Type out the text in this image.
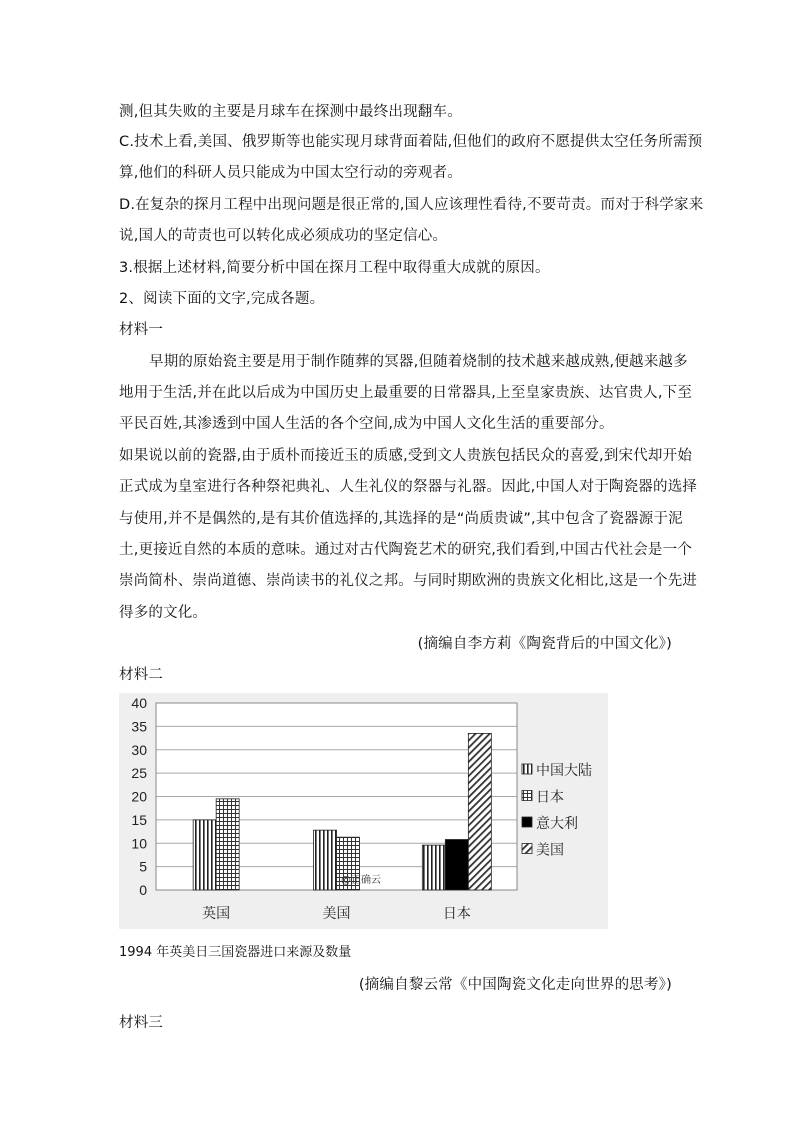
测,但其失败的主要是月球车在探测中最终出现翻车。
C.技术上看,美国、俄罗斯等也能实现月球背面着陆,但他们的政府不愿提供太空任务所需预
算,他们的科研人员只能成为中国太空行动的旁观者。
D.在复杂的探月工程中出现问题是很正常的,国人应该理性看待,不要苛责。而对于科学家来
说,国人的苛责也可以转化成必须成功的坚定信心。
3.根据上述材料,简要分析中国在探月工程中取得重大成就的原因。
2、阅读下面的文字,完成各题。
材料一
早期的原始瓷主要是用于制作随葬的冥器,但随着烧制的技术越来越成熟,便越来越多
地用于生活,并在此以后成为中国历史上最重要的日常器具,上至皇家贵族、达官贵人,下至
平民百姓,其渗透到中国人生活的各个空间,成为中国人文化生活的重要部分。
如果说以前的瓷器,由于质朴而接近玉的质感,受到文人贵族包括民众的喜爱,到宋代却开始
正式成为皇室进行各种祭祀典礼、人生礼仪的祭器与礼器。因此,中国人对于陶瓷器的选择
与使用,并不是偶然的,是有其价值选择的,其选择的是“尚质贵诚”,其中包含了瓷器源于泥
土,更接近自然的本质的意味。通过对古代陶瓷艺术的研究,我们看到,中国古代社会是一个
崇尚简朴、崇尚道德、崇尚读书的礼仪之邦。与同时期欧洲的贵族文化相比,这是一个先进
得多的文化。
(摘编自李方莉《陶瓷背后的中国文化》)
材料二
(摘编自黎云常《中国陶瓷文化走向世界的思考》)
材料三
0
5
10
15
20
25
30
35
40
英国	美国	日本
@正确云
中国大陆
日本
意大利
美国
1994 年英美日三国瓷器进口来源及数量
